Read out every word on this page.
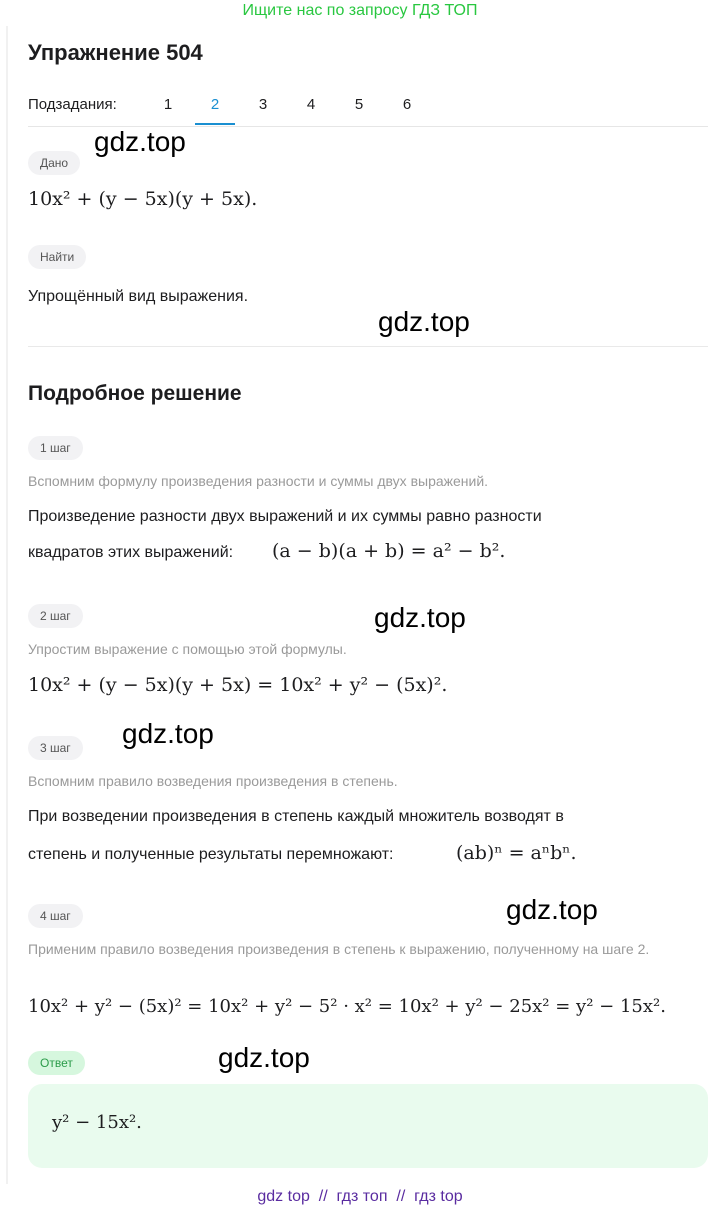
Ищите нас по запросу ГДЗ ТОП
Упражнение 504
Подзадания:	1	2	3	4	5	6
Дано
10x² + (y − 5x)(y + 5x).
Найти
Упрощённый вид выражения.
Подробное решение
1 шаг
Вспомним формулу произведения разности и суммы двух выражений.
Произведение разности двух выражений и их суммы равно разности
квадратов этих выражений: (a − b)(a + b) = a² − b².
2 шаг
Упростим выражение с помощью этой формулы.
10x² + (y − 5x)(y + 5x) = 10x² + y² − (5x)².
3 шаг
Вспомним правило возведения произведения в степень.
При возведении произведения в степень каждый множитель возводят в
степень и полученные результаты перемножают:	(ab)ⁿ = aⁿbⁿ.
4 шаг
Применим правило возведения произведения в степень к выражению, полученному на шаге 2.
10x² + y² − (5x)² = 10x² + y² − 5² · x² = 10x² + y² − 25x² = y² − 15x².
Ответ
y² − 15x².
gdz.top
gdz.top
gdz.top
gdz.top
gdz.top
gdz.top
gdz top  //  гдз топ  //  гдз top
